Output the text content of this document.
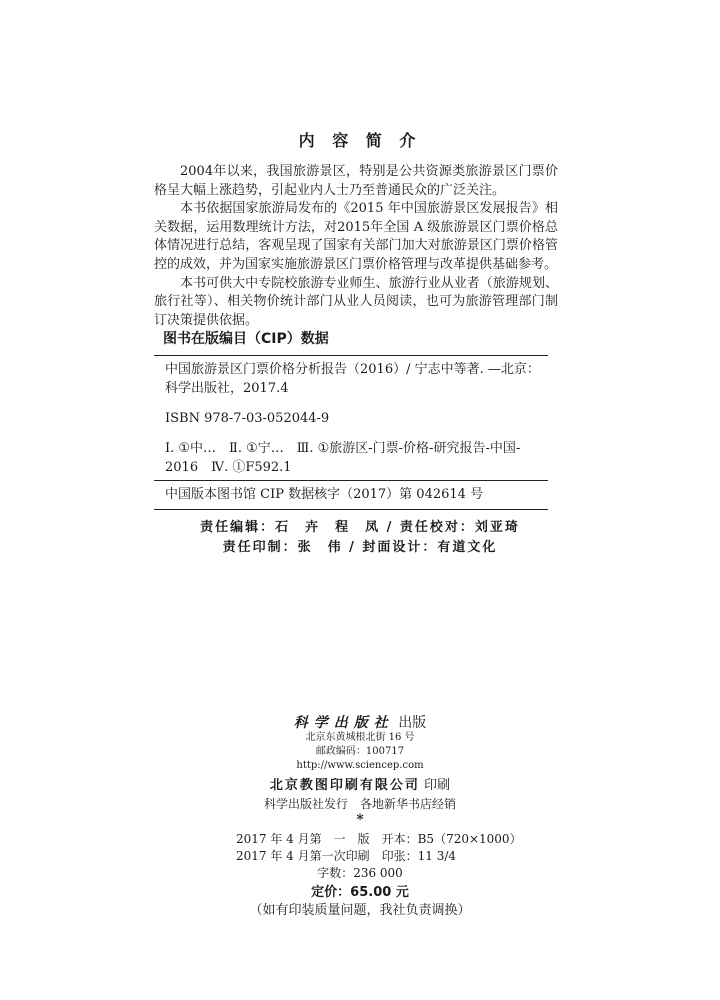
内 容 简 介

2004年以来，我国旅游景区，特别是公共资源类旅游景区门票价格呈大幅上涨趋势，引起业内人士乃至普通民众的广泛关注。

本书依据国家旅游局发布的《2015 年中国旅游景区发展报告》相关数据，运用数理统计方法，对2015年全国 A 级旅游景区门票价格总体情况进行总结，客观呈现了国家有关部门加大对旅游景区门票价格管控的成效，并为国家实施旅游景区门票价格管理与改革提供基础参考。

本书可供大中专院校旅游专业师生、旅游行业从业者（旅游规划、旅行社等）、相关物价统计部门从业人员阅读，也可为旅游管理部门制订决策提供依据。

图书在版编目（CIP）数据
中国旅游景区门票价格分析报告（2016）/ 宁志中等著. —北京：
科学出版社，2017.4
ISBN 978-7-03-052044-9
Ⅰ. ①中…　Ⅱ. ①宁…　Ⅲ. ①旅游区-门票-价格-研究报告-中国-
2016　Ⅳ. ①F592.1
中国版本图书馆 CIP 数据核字（2017）第 042614 号
责任编辑：石　卉　程　凤 / 责任校对：刘亚琦
责任印制：张　伟 / 封面设计：有道文化
科学出版社 出版
北京东黄城根北街 16 号
邮政编码：100717
http://www.sciencep.com
北京教图印刷有限公司 印刷
科学出版社发行　各地新华书店经销
*
2017 年 4 月第　一　版　开本：B5（720×1000）
2017 年 4 月第一次印刷　印张：11 3/4
字数：236 000
定价：65.00 元
（如有印装质量问题，我社负责调换）
